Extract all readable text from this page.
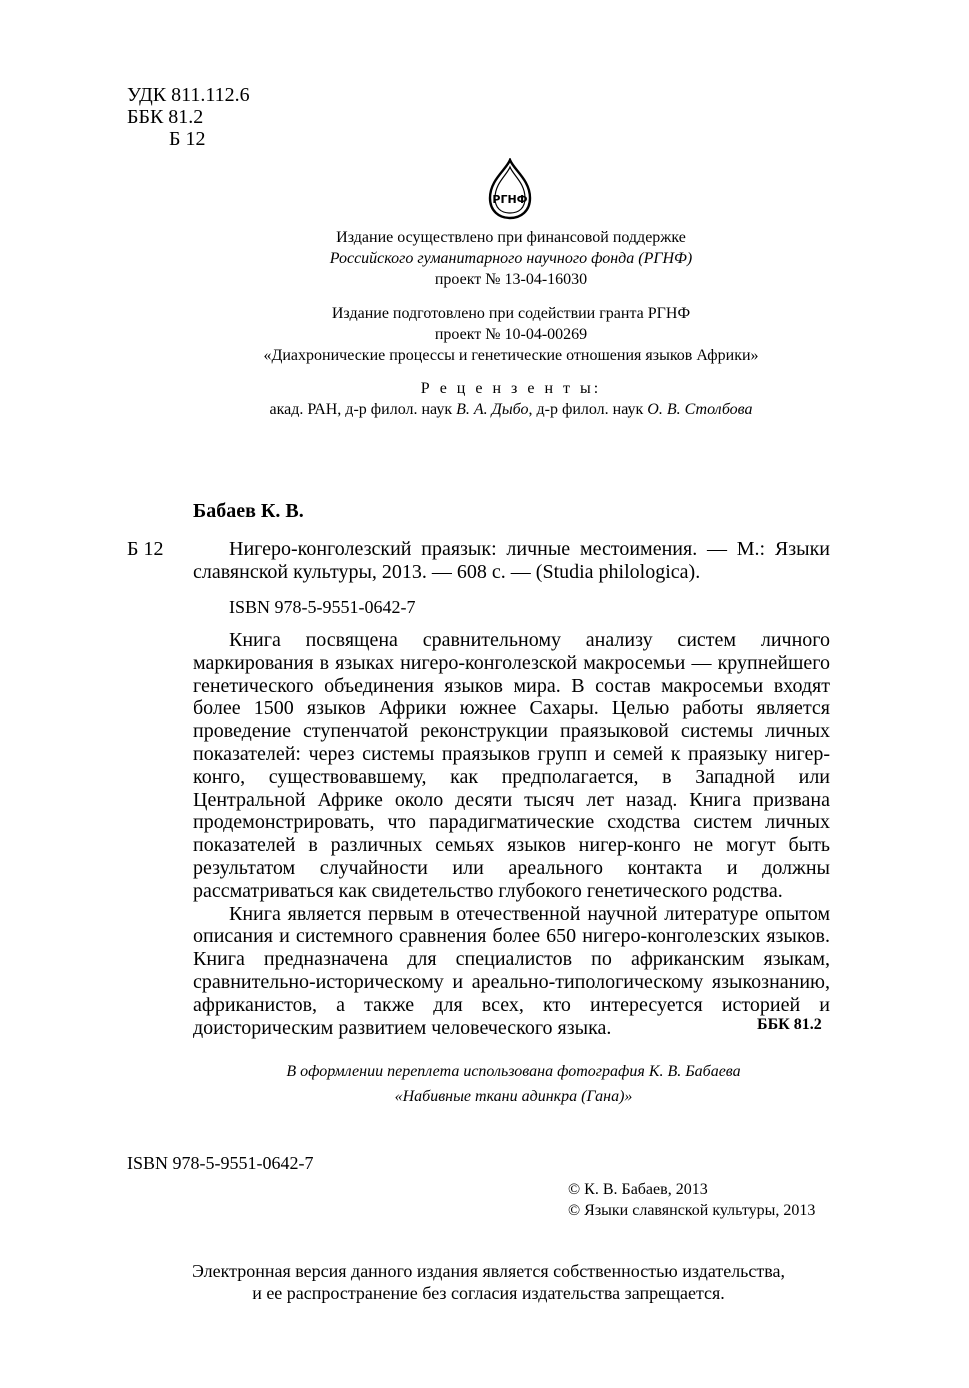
УДК 811.112.6
ББК 81.2
Б 12
РГНФ
Издание осуществлено при финансовой поддержке
Российского гуманитарного научного фонда (РГНФ)
проект № 13-04-16030
Издание подготовлено при содействии гранта РГНФ
проект № 10-04-00269
«Диахронические процессы и генетические отношения языков Африки»
Р е ц е н з е н т ы:
акад. РАН, д-р филол. наук В. А. Дыбо, д-р филол. наук О. В. Столбова
Бабаев К. В.
Б 12	Нигеро-конголезский праязык: личные местоимения. — М.: Языки славянской культуры, 2013. — 608 с. — (Studia philologica).

ISBN 978-5-9551-0642-7

Книга посвящена сравнительному анализу систем личного маркирования в языках нигеро-конголезской макросемьи — крупнейшего генетического объединения языков мира. В состав макросемьи входят более 1500 языков Африки южнее Сахары. Целью работы является проведение ступенчатой реконструкции праязыковой системы личных показателей: через системы праязыков групп и семей к праязыку нигер-конго, существовавшему, как предполагается, в Западной или Центральной Африке около десяти тысяч лет назад. Книга призвана продемонстрировать, что парадигматические сходства систем личных показателей в различных семьях языков нигер-конго не могут быть результатом случайности или ареального контакта и должны рассматриваться как свидетельство глубокого генетического родства.

Книга является первым в отечественной научной литературе опытом описания и системного сравнения более 650 нигеро-конголезских языков. Книга предназначена для специалистов по африканским языкам, сравнительно-историческому и ареально-типологическому языкознанию, африканистов, а также для всех, кто интересуется историей и доисторическим развитием человеческого языка.	ББК 81.2
В оформлении переплета использована фотография К. В. Бабаева
«Набивные ткани адинкра (Гана)»
ISBN 978-5-9551-0642-7
© К. В. Бабаев, 2013
© Языки славянской культуры, 2013
Электронная версия данного издания является собственностью издательства,
и ее распространение без согласия издательства запрещается.
